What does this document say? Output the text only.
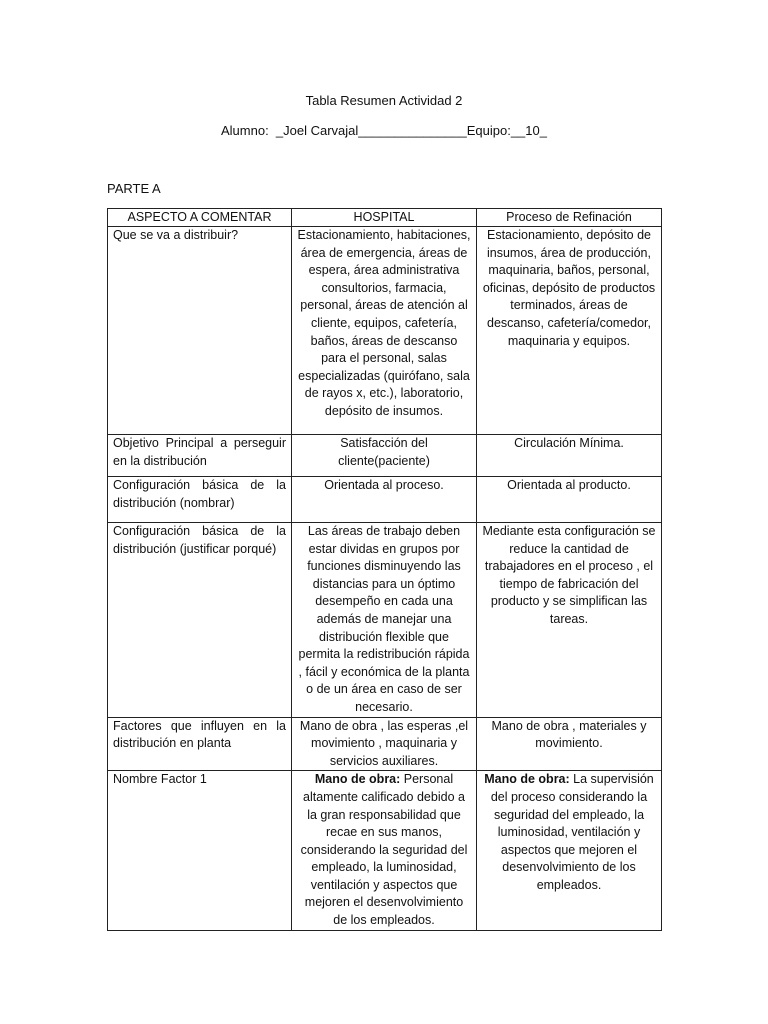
Tabla Resumen Actividad 2
Alumno:  _Joel Carvajal_______________Equipo:__10_
PARTE A
ASPECTO A COMENTAR	HOSPITAL	Proceso de Refinación
Que se va a distribuir?	Estacionamiento, habitaciones, área de emergencia, áreas de espera, área administrativa consultorios, farmacia, personal, áreas de atención al cliente, equipos, cafetería, baños, áreas de descanso para el personal, salas especializadas (quirófano, sala de rayos x, etc.), laboratorio, depósito de insumos.	Estacionamiento, depósito de insumos, área de producción, maquinaria, baños, personal, oficinas, depósito de productos terminados, áreas de descanso, cafetería/comedor, maquinaria y equipos.
Objetivo Principal a perseguir en la distribución	Satisfacción del cliente(paciente)	Circulación Mínima.
Configuración básica de la distribución (nombrar)	Orientada al proceso.	Orientada al producto.
Configuración básica de la distribución (justificar porqué)	Las áreas de trabajo deben estar dividas en grupos por funciones disminuyendo las distancias para un óptimo desempeño en cada una además de manejar una distribución flexible que permita la redistribución rápida , fácil y económica de la planta o de un área en caso de ser necesario.	Mediante esta configuración se reduce la cantidad de trabajadores en el proceso , el tiempo de fabricación del producto y se simplifican las tareas.
Factores que influyen en la distribución en planta	Mano de obra , las esperas ,el movimiento , maquinaria y servicios auxiliares.	Mano de obra , materiales y movimiento.
Nombre Factor 1	Mano de obra: Personal altamente calificado debido a la gran responsabilidad que recae en sus manos, considerando la seguridad del empleado, la luminosidad, ventilación y aspectos que mejoren el desenvolvimiento de los empleados.	Mano de obra: La supervisión del proceso considerando la seguridad del empleado, la luminosidad, ventilación y aspectos que mejoren el desenvolvimiento de los empleados.
